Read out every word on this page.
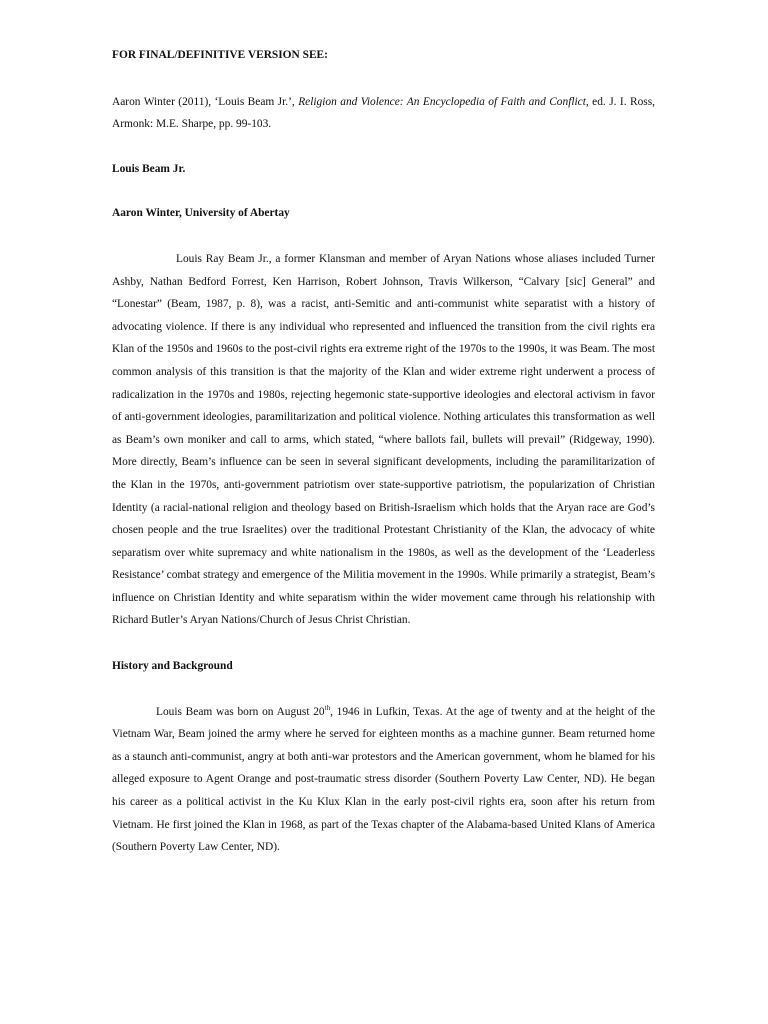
FOR FINAL/DEFINITIVE VERSION SEE:

Aaron Winter (2011), ‘Louis Beam Jr.’, Religion and Violence: An Encyclopedia of Faith and Conflict, ed. J. I. Ross, Armonk: M.E. Sharpe, pp. 99-103.

Louis Beam Jr.

Aaron Winter, University of Abertay

Louis Ray Beam Jr., a former Klansman and member of Aryan Nations whose aliases included Turner Ashby, Nathan Bedford Forrest, Ken Harrison, Robert Johnson, Travis Wilkerson, “Calvary [sic] General” and “Lonestar” (Beam, 1987, p. 8), was a racist, anti-Semitic and anti-communist white separatist with a history of advocating violence. If there is any individual who represented and influenced the transition from the civil rights era Klan of the 1950s and 1960s to the post-civil rights era extreme right of the 1970s to the 1990s, it was Beam. The most common analysis of this transition is that the majority of the Klan and wider extreme right underwent a process of radicalization in the 1970s and 1980s, rejecting hegemonic state-supportive ideologies and electoral activism in favor of anti-government ideologies, paramilitarization and political violence. Nothing articulates this transformation as well as Beam’s own moniker and call to arms, which stated, “where ballots fail, bullets will prevail” (Ridgeway, 1990). More directly, Beam’s influence can be seen in several significant developments, including the paramilitarization of the Klan in the 1970s, anti-government patriotism over state-supportive patriotism, the popularization of Christian Identity (a racial-national religion and theology based on British-Israelism which holds that the Aryan race are God’s chosen people and the true Israelites) over the traditional Protestant Christianity of the Klan, the advocacy of white separatism over white supremacy and white nationalism in the 1980s, as well as the development of the ‘Leaderless Resistance’ combat strategy and emergence of the Militia movement in the 1990s. While primarily a strategist, Beam’s influence on Christian Identity and white separatism within the wider movement came through his relationship with Richard Butler’s Aryan Nations/Church of Jesus Christ Christian.

History and Background

Louis Beam was born on August 20th, 1946 in Lufkin, Texas. At the age of twenty and at the height of the Vietnam War, Beam joined the army where he served for eighteen months as a machine gunner. Beam returned home as a staunch anti-communist, angry at both anti-war protestors and the American government, whom he blamed for his alleged exposure to Agent Orange and post-traumatic stress disorder (Southern Poverty Law Center, ND). He began his career as a political activist in the Ku Klux Klan in the early post-civil rights era, soon after his return from Vietnam. He first joined the Klan in 1968, as part of the Texas chapter of the Alabama-based United Klans of America (Southern Poverty Law Center, ND).
